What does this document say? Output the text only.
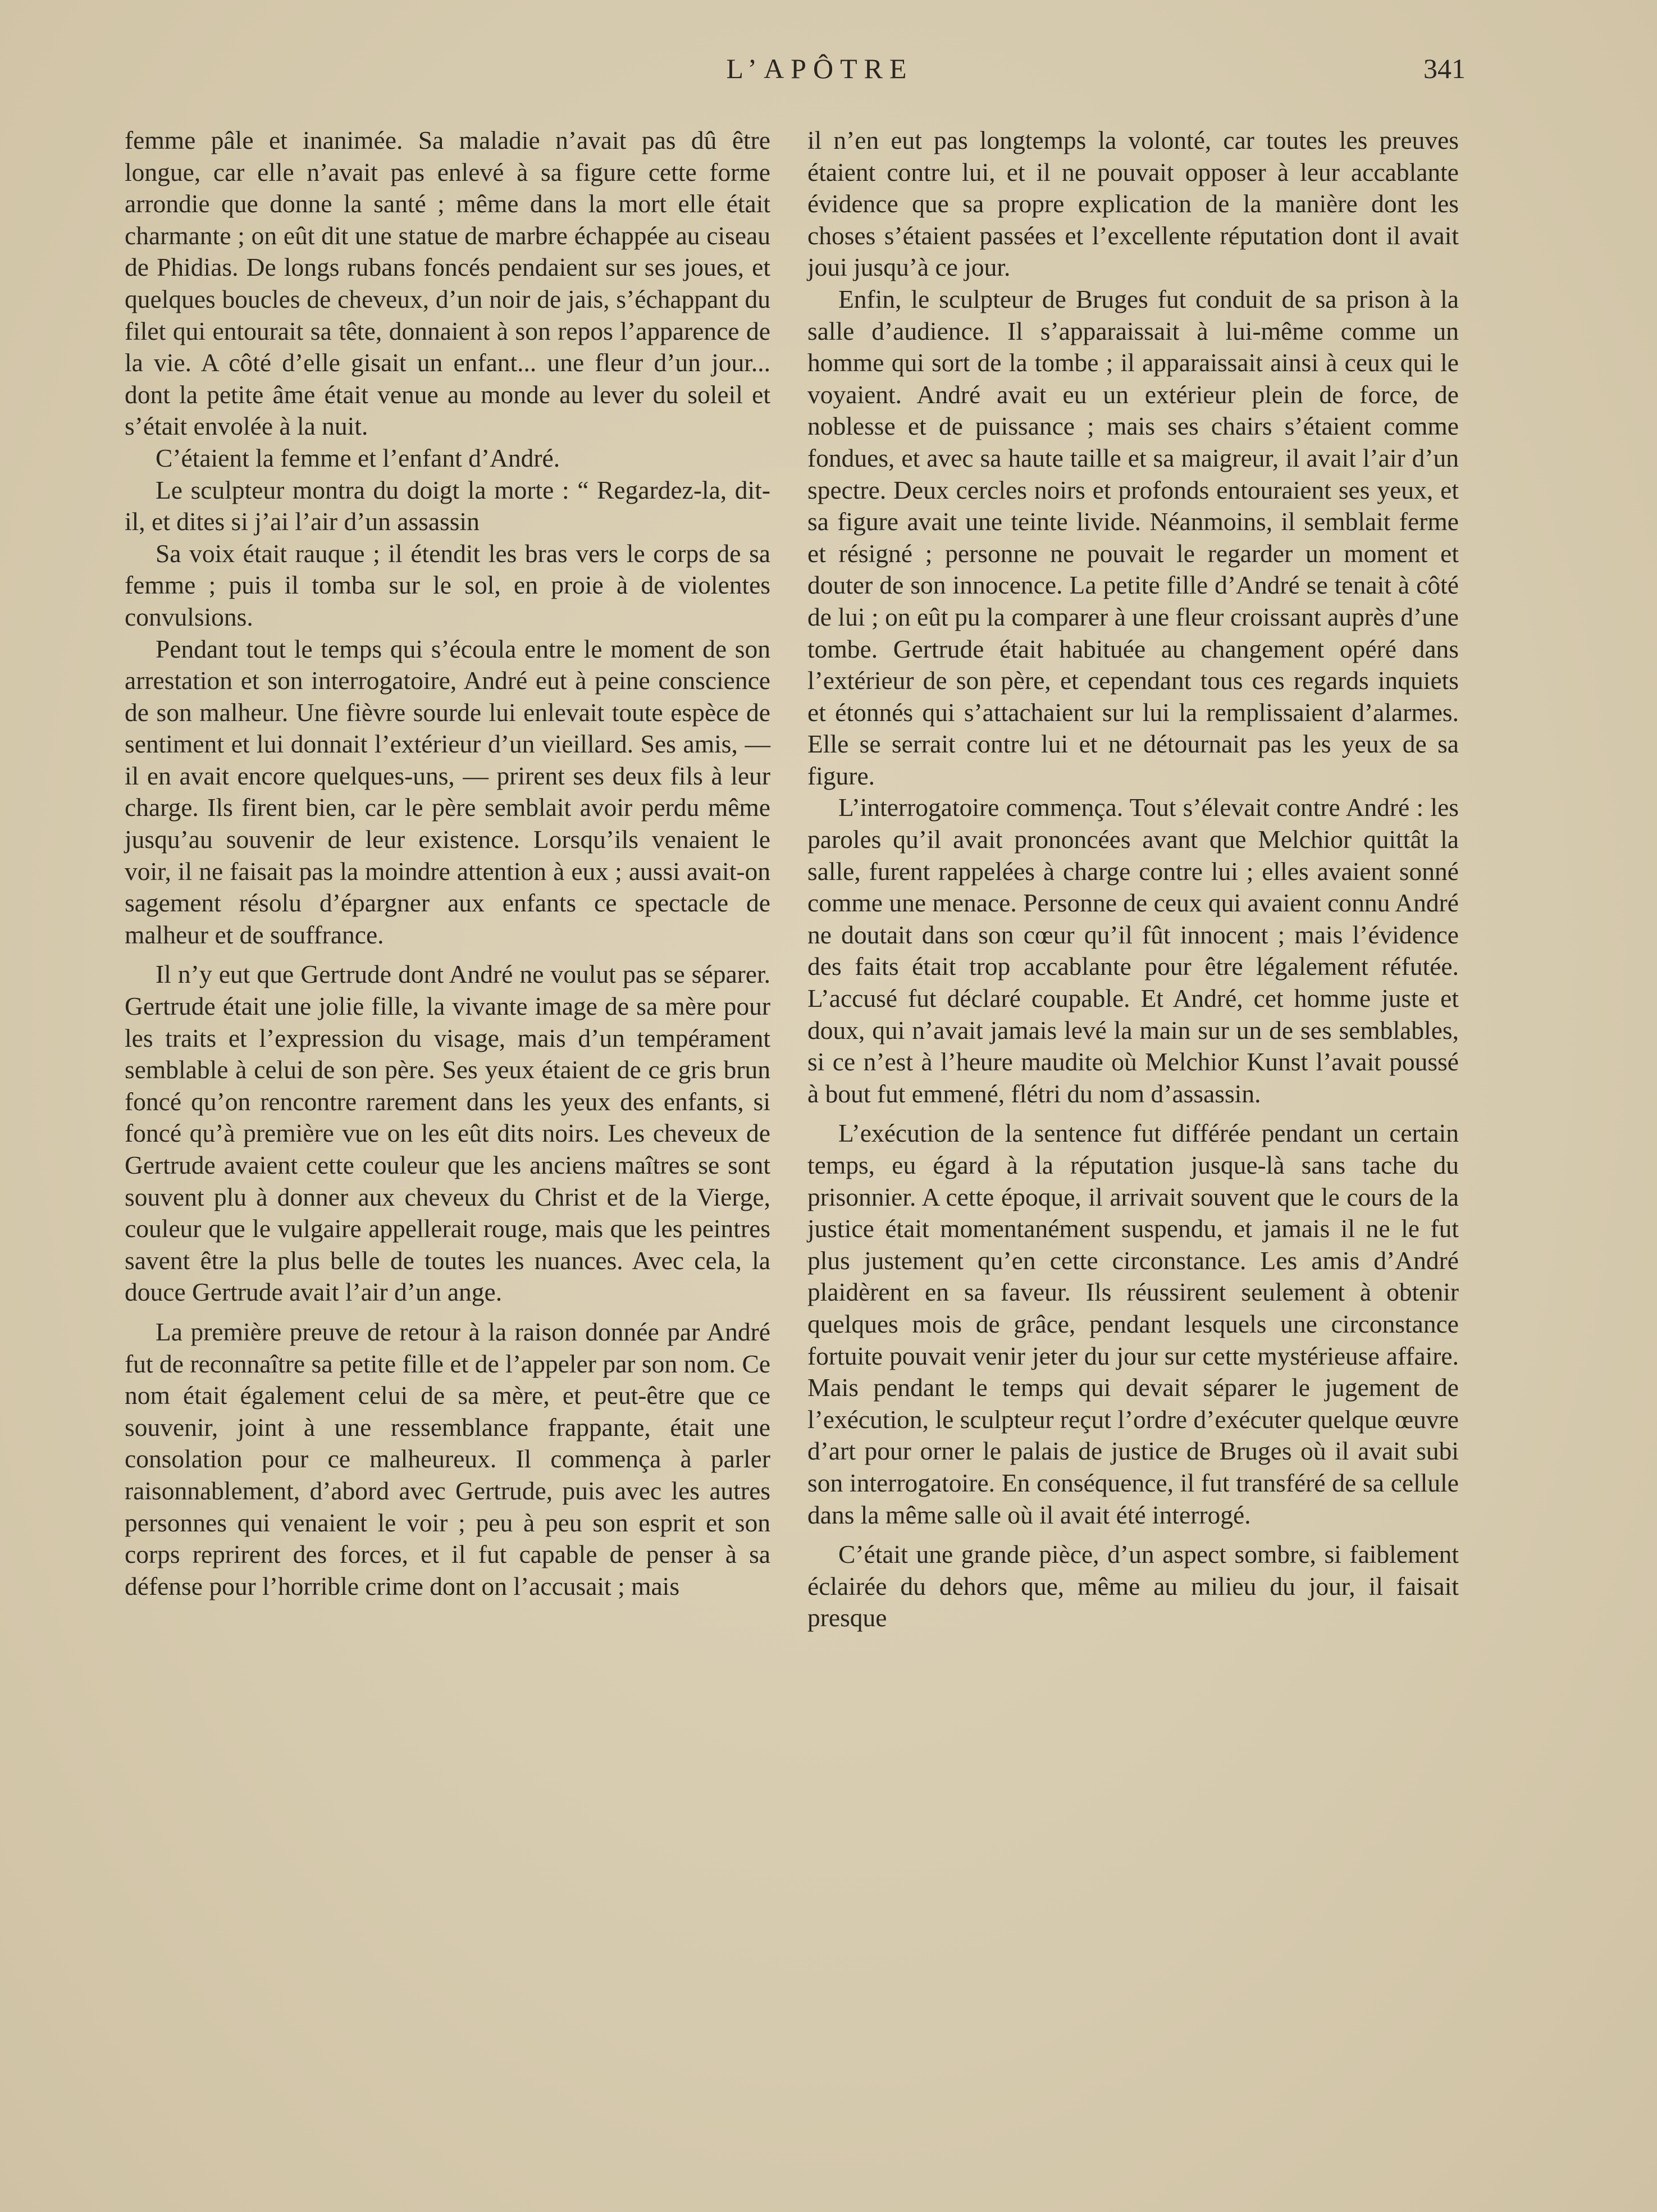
L’APÔTRE	341

femme pâle et inanimée. Sa maladie n’avait pas dû être longue, car elle n’avait pas enlevé à sa figure cette forme arrondie que donne la santé ; même dans la mort elle était charmante ; on eût dit une statue de marbre échappée au ciseau de Phidias. De longs rubans foncés pendaient sur ses joues, et quelques boucles de cheveux, d’un noir de jais, s’échappant du filet qui entourait sa tête, donnaient à son repos l’apparence de la vie. A côté d’elle gisait un enfant... une fleur d’un jour... dont la petite âme était venue au monde au lever du soleil et s’était envolée à la nuit.

C’étaient la femme et l’enfant d’André.

Le sculpteur montra du doigt la morte : “ Regardez-la, dit-il, et dites si j’ai l’air d’un assassin

Sa voix était rauque ; il étendit les bras vers le corps de sa femme ; puis il tomba sur le sol, en proie à de violentes convulsions.

Pendant tout le temps qui s’écoula entre le moment de son arrestation et son interrogatoire, André eut à peine conscience de son malheur. Une fièvre sourde lui enlevait toute espèce de sentiment et lui donnait l’extérieur d’un vieillard. Ses amis, — il en avait encore quelques-uns, — prirent ses deux fils à leur charge. Ils firent bien, car le père semblait avoir perdu même jusqu’au souvenir de leur existence. Lorsqu’ils venaient le voir, il ne faisait pas la moindre attention à eux ; aussi avait-on sagement résolu d’épargner aux enfants ce spectacle de malheur et de souffrance.

Il n’y eut que Gertrude dont André ne voulut pas se séparer. Gertrude était une jolie fille, la vivante image de sa mère pour les traits et l’expression du visage, mais d’un tempérament semblable à celui de son père. Ses yeux étaient de ce gris brun foncé qu’on rencontre rarement dans les yeux des enfants, si foncé qu’à première vue on les eût dits noirs. Les cheveux de Gertrude avaient cette couleur que les anciens maîtres se sont souvent plu à donner aux cheveux du Christ et de la Vierge, couleur que le vulgaire appellerait rouge, mais que les peintres savent être la plus belle de toutes les nuances. Avec cela, la douce Gertrude avait l’air d’un ange.

La première preuve de retour à la raison donnée par André fut de reconnaître sa petite fille et de l’appeler par son nom. Ce nom était également celui de sa mère, et peut-être que ce souvenir, joint à une ressemblance frappante, était une consolation pour ce malheureux. Il commença à parler raisonnablement, d’abord avec Gertrude, puis avec les autres personnes qui venaient le voir ; peu à peu son esprit et son corps reprirent des forces, et il fut capable de penser à sa défense pour l’horrible crime dont on l’accusait ; mais

il n’en eut pas longtemps la volonté, car toutes les preuves étaient contre lui, et il ne pouvait opposer à leur accablante évidence que sa propre explication de la manière dont les choses s’étaient passées et l’excellente réputation dont il avait joui jusqu’à ce jour.

Enfin, le sculpteur de Bruges fut conduit de sa prison à la salle d’audience. Il s’apparaissait à lui-même comme un homme qui sort de la tombe ; il apparaissait ainsi à ceux qui le voyaient. André avait eu un extérieur plein de force, de noblesse et de puissance ; mais ses chairs s’étaient comme fondues, et avec sa haute taille et sa maigreur, il avait l’air d’un spectre. Deux cercles noirs et profonds entouraient ses yeux, et sa figure avait une teinte livide. Néanmoins, il semblait ferme et résigné ; personne ne pouvait le regarder un moment et douter de son innocence. La petite fille d’André se tenait à côté de lui ; on eût pu la comparer à une fleur croissant auprès d’une tombe. Gertrude était habituée au changement opéré dans l’extérieur de son père, et cependant tous ces regards inquiets et étonnés qui s’attachaient sur lui la remplissaient d’alarmes. Elle se serrait contre lui et ne détournait pas les yeux de sa figure.

L’interrogatoire commença. Tout s’élevait contre André : les paroles qu’il avait prononcées avant que Melchior quittât la salle, furent rappelées à charge contre lui ; elles avaient sonné comme une menace. Personne de ceux qui avaient connu André ne doutait dans son cœur qu’il fût innocent ; mais l’évidence des faits était trop accablante pour être légalement réfutée. L’accusé fut déclaré coupable. Et André, cet homme juste et doux, qui n’avait jamais levé la main sur un de ses semblables, si ce n’est à l’heure maudite où Melchior Kunst l’avait poussé à bout fut emmené, flétri du nom d’assassin.

L’exécution de la sentence fut différée pendant un certain temps, eu égard à la réputation jusque-là sans tache du prisonnier. A cette époque, il arrivait souvent que le cours de la justice était momentanément suspendu, et jamais il ne le fut plus justement qu’en cette circonstance. Les amis d’André plaidèrent en sa faveur. Ils réussirent seulement à obtenir quelques mois de grâce, pendant lesquels une circonstance fortuite pouvait venir jeter du jour sur cette mystérieuse affaire. Mais pendant le temps qui devait séparer le jugement de l’exécution, le sculpteur reçut l’ordre d’exécuter quelque œuvre d’art pour orner le palais de justice de Bruges où il avait subi son interrogatoire. En conséquence, il fut transféré de sa cellule dans la même salle où il avait été interrogé.

C’était une grande pièce, d’un aspect sombre, si faiblement éclairée du dehors que, même au milieu du jour, il faisait presque
